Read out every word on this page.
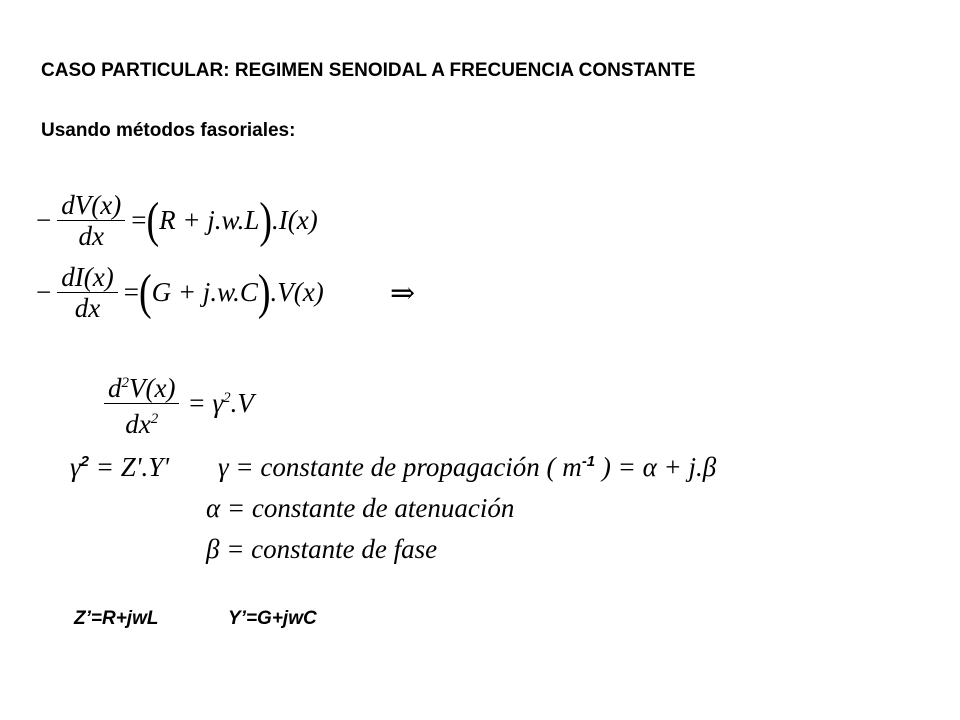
CASO PARTICULAR: REGIMEN SENOIDAL A FRECUENCIA CONSTANTE
Usando métodos fasoriales:
− $\frac{dV(x)}{dx}$ = ( R + j.w.L ) .I(x)
− $\frac{dI(x)}{dx}$ = ( G + j.w.C ) .V(x) ⇒
$\frac{d^2V(x)}{dx^2} = \gamma^2.V$
$\gamma^2 = Z'.Y'$ γ = constante de propagación ( $m^{-1}$ ) = α + j.β
α = constante de atenuación
β = constante de fase
Z’=R+jwL	Y’=G+jwC
